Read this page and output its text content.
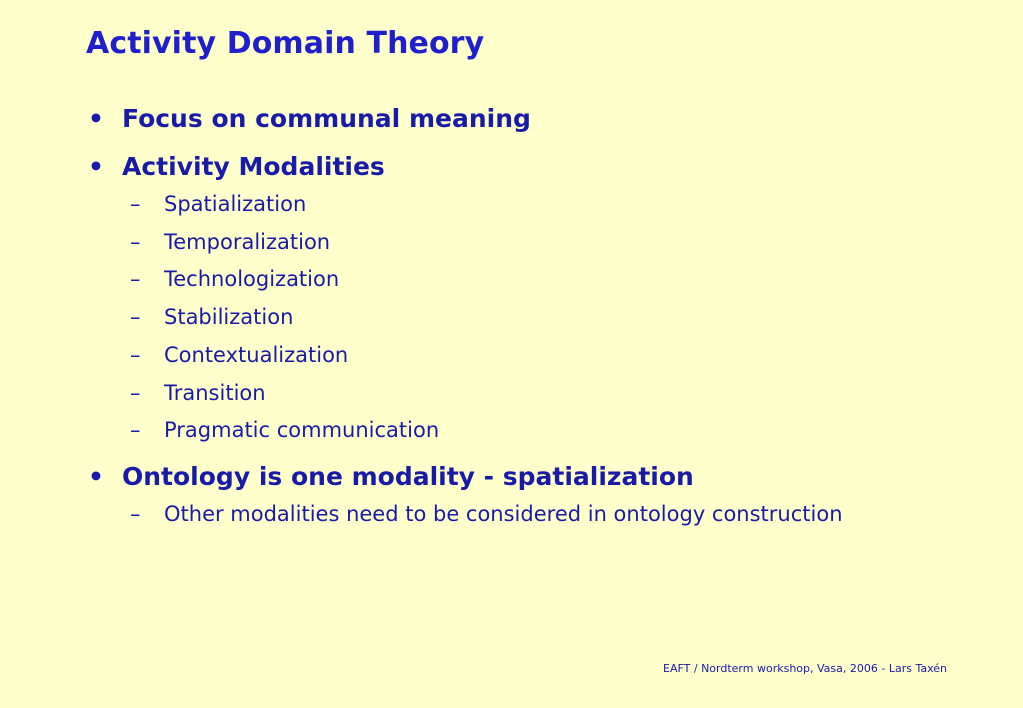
Activity Domain Theory
• Focus on communal meaning
• Activity Modalities
– Spatialization
– Temporalization
– Technologization
– Stabilization
– Contextualization
– Transition
– Pragmatic communication
• Ontology is one modality - spatialization
– Other modalities need to be considered in ontology construction
EAFT / Nordterm workshop, Vasa, 2006 - Lars Taxén
